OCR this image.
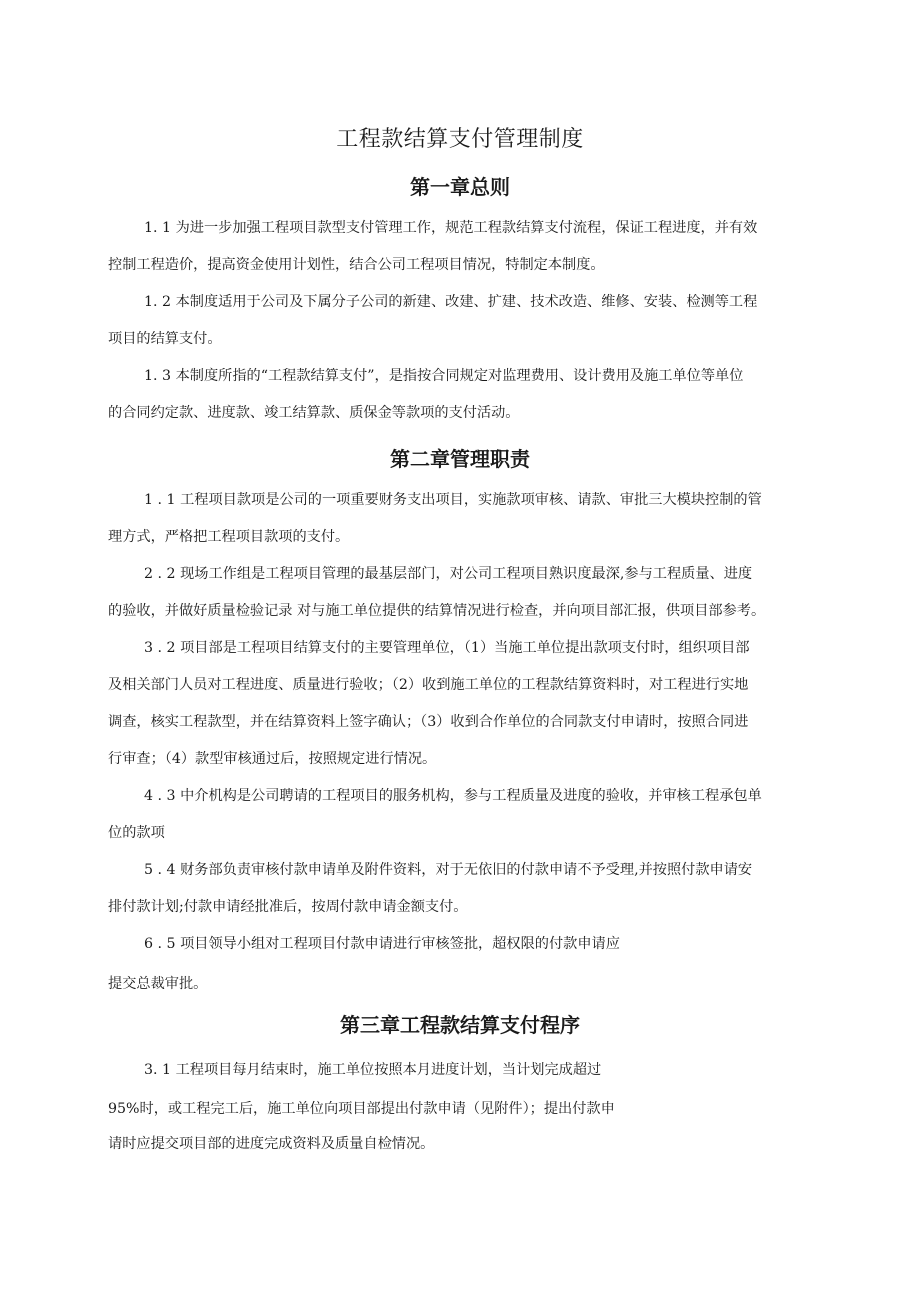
工程款结算支付管理制度
第一章总则
1. 1 为进一步加强工程项目款型支付管理工作，规范工程款结算支付流程，保证工程进度，并有效
控制工程造价，提高资金使用计划性，结合公司工程项目情况，特制定本制度。
1. 2 本制度适用于公司及下属分子公司的新建、改建、扩建、技术改造、维修、安装、检测等工程
项目的结算支付。
1. 3 本制度所指的“工程款结算支付”，是指按合同规定对监理费用、设计费用及施工单位等单位
的合同约定款、进度款、竣工结算款、质保金等款项的支付活动。
第二章管理职责
1 . 1 工程项目款项是公司的一项重要财务支出项目，实施款项审核、请款、审批三大模块控制的管
理方式，严格把工程项目款项的支付。
2 . 2 现场工作组是工程项目管理的最基层部门，对公司工程项目熟识度最深,参与工程质量、进度
的验收，并做好质量检验记录 对与施工单位提供的结算情况进行检查，并向项目部汇报，供项目部参考。
3 . 2 项目部是工程项目结算支付的主要管理单位，（1）当施工单位提出款项支付时，组织项目部
及相关部门人员对工程进度、质量进行验收；（2）收到施工单位的工程款结算资料时，对工程进行实地
调查，核实工程款型，并在结算资料上签字确认；（3）收到合作单位的合同款支付申请时，按照合同进
行审查；（4）款型审核通过后，按照规定进行情况。
4 . 3 中介机构是公司聘请的工程项目的服务机构，参与工程质量及进度的验收，并审核工程承包单
位的款项
5 . 4 财务部负责审核付款申请单及附件资料，对于无依旧的付款申请不予受理,并按照付款申请安
排付款计划;付款申请经批准后，按周付款申请金额支付。
6 . 5 项目领导小组对工程项目付款申请进行审核签批，超权限的付款申请应
提交总裁审批。
第三章工程款结算支付程序
3. 1 工程项目每月结束时，施工单位按照本月进度计划，当计划完成超过
95%时，或工程完工后，施工单位向项目部提出付款申请（见附件）；提出付款申
请时应提交项目部的进度完成资料及质量自检情况。
